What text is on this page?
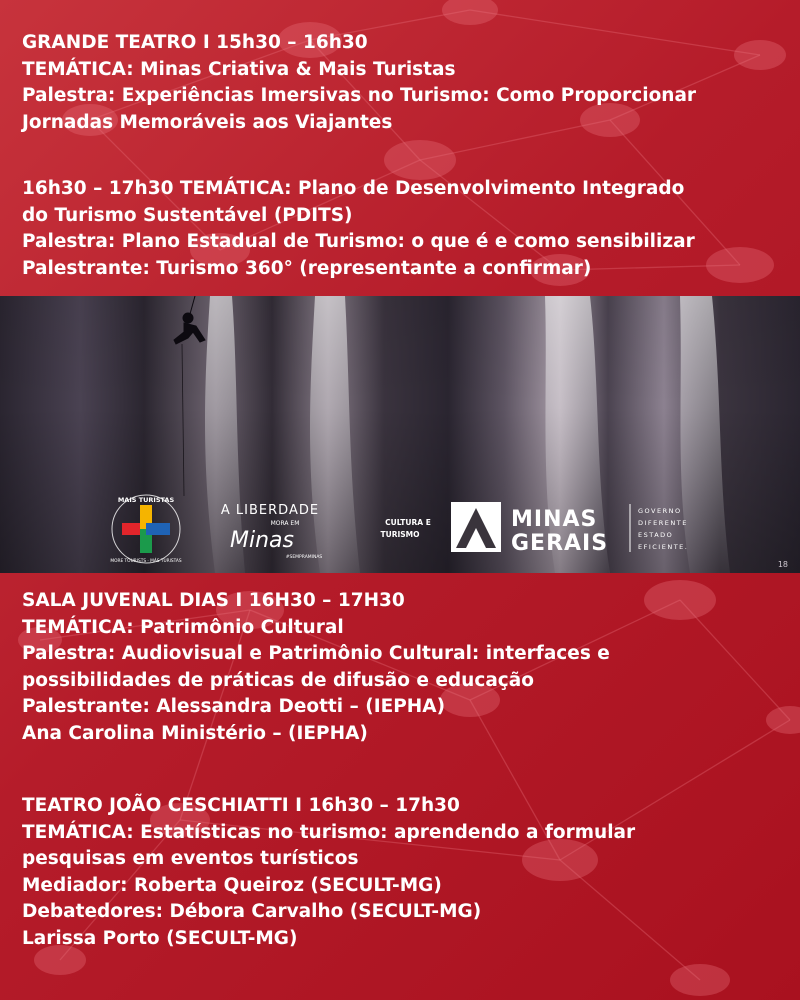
GRANDE TEATRO I 15h30 – 16h30

TEMÁTICA: Minas Criativa & Mais Turistas

Palestra: Experiências Imersivas no Turismo: Como Proporcionar

Jornadas Memoráveis aos Viajantes

16h30 – 17h30 TEMÁTICA: Plano de Desenvolvimento Integrado

do Turismo Sustentável (PDITS)

Palestra: Plano Estadual de Turismo: o que é e como sensibilizar

Palestrante: Turismo 360° (representante a confirmar)

MAIS TURISTAS
MORE TOURISTS · MÁS TURISTAS
A LIBERDADE
MORA EM
Minas
#SEMPRAMINAS
CULTURA E
TURISMO
MINAS
GERAIS
GOVERNO
DIFERENTE
ESTADO
EFICIENTE.
18

SALA JUVENAL DIAS I 16H30 – 17H30

TEMÁTICA: Patrimônio Cultural

Palestra: Audiovisual e Patrimônio Cultural: interfaces e

possibilidades de práticas de difusão e educação

Palestrante: Alessandra Deotti – (IEPHA)

Ana Carolina Ministério – (IEPHA)

TEATRO JOÃO CESCHIATTI I 16h30 – 17h30

TEMÁTICA: Estatísticas no turismo: aprendendo a formular

pesquisas em eventos turísticos

Mediador: Roberta Queiroz (SECULT-MG)

Debatedores: Débora Carvalho (SECULT-MG)

Larissa Porto (SECULT-MG)
